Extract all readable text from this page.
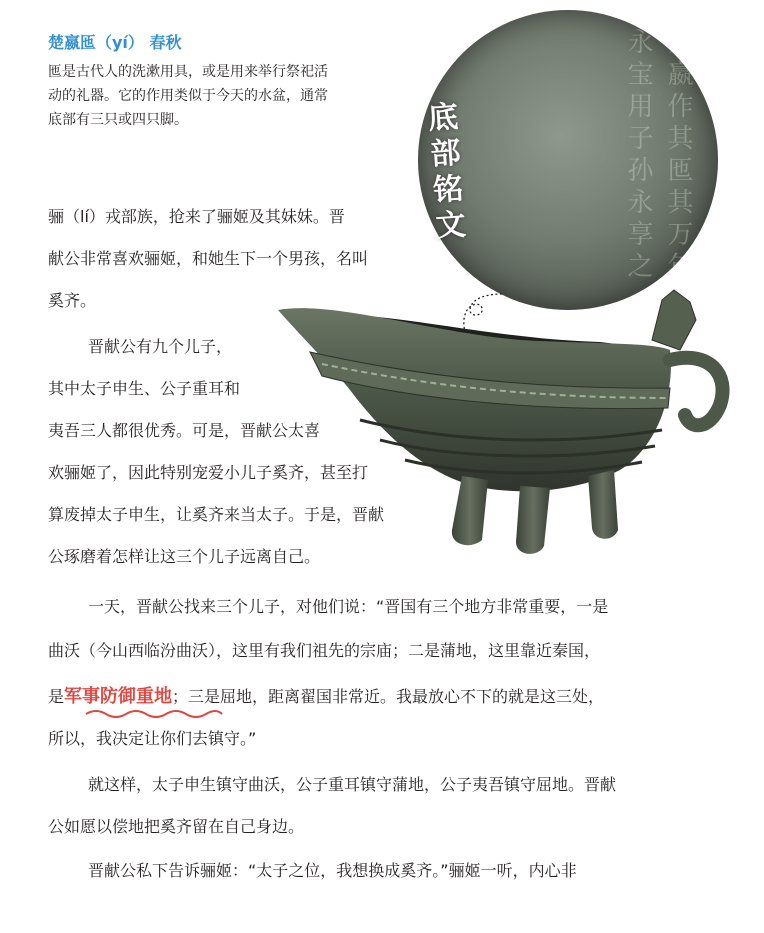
楚嬴匜（yí） 春秋
匜是古代人的洗漱用具，或是用来举行祭祀活
动的礼器。它的作用类似于今天的水盆，通常
底部有三只或四只脚。	楚嬴作其匜其万年永宝用子孙永享之
底
部
铭
文
骊（lí）戎部族，抢来了骊姬及其妹妹。晋
献公非常喜欢骊姬，和她生下一个男孩，名叫
奚齐。
晋献公有九个儿子，
其中太子申生、公子重耳和
夷吾三人都很优秀。可是，晋献公太喜
欢骊姬了，因此特别宠爱小儿子奚齐，甚至打
算废掉太子申生，让奚齐来当太子。于是，晋献
公琢磨着怎样让这三个儿子远离自己。
一天，晋献公找来三个儿子，对他们说：“晋国有三个地方非常重要，一是
曲沃（今山西临汾曲沃），这里有我们祖先的宗庙；二是蒲地，这里靠近秦国，
是军事防御重地；三是屈地，距离翟国非常近。我最放心不下的就是这三处，
所以，我决定让你们去镇守。”
就这样，太子申生镇守曲沃，公子重耳镇守蒲地，公子夷吾镇守屈地。晋献
公如愿以偿地把奚齐留在自己身边。
晋献公私下告诉骊姬：“太子之位，我想换成奚齐。”骊姬一听，内心非
